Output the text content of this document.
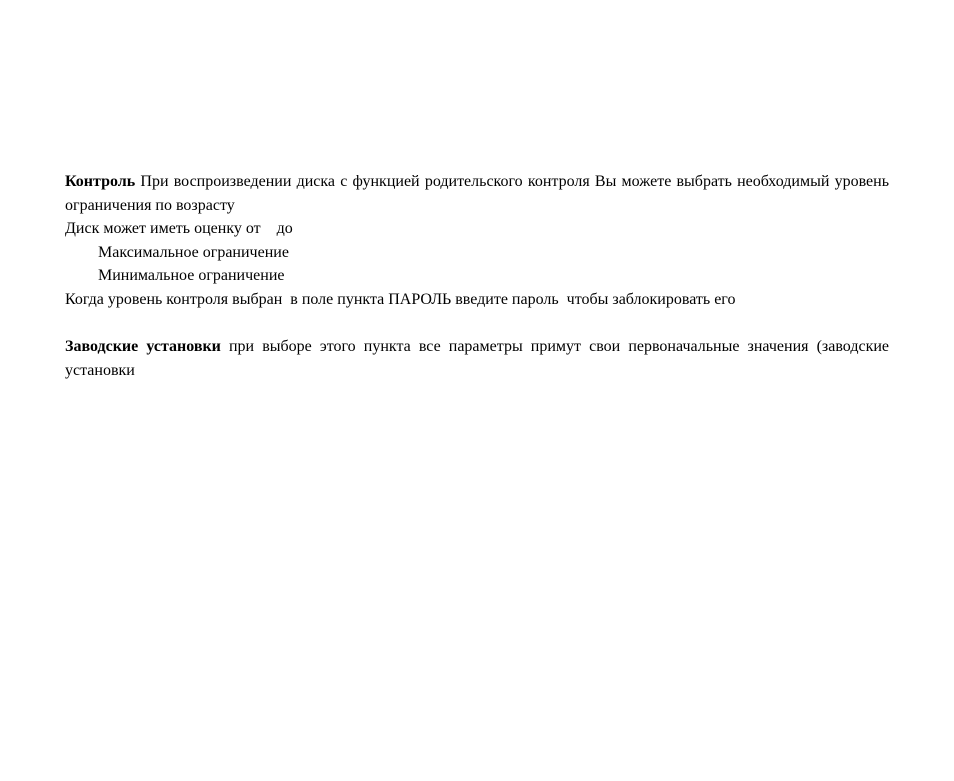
Контроль При воспроизведении диска с функцией родительского контроля Вы можете выбрать необходимый уровень ограничения по возрасту

Диск может иметь оценку от    до

Максимальное ограничение

Минимальное ограничение

Когда уровень контроля выбран  в поле пункта ПАРОЛЬ введите пароль  чтобы заблокировать его

Заводские установки при выборе этого пункта все параметры примут свои первоначальные значения (заводские установки
